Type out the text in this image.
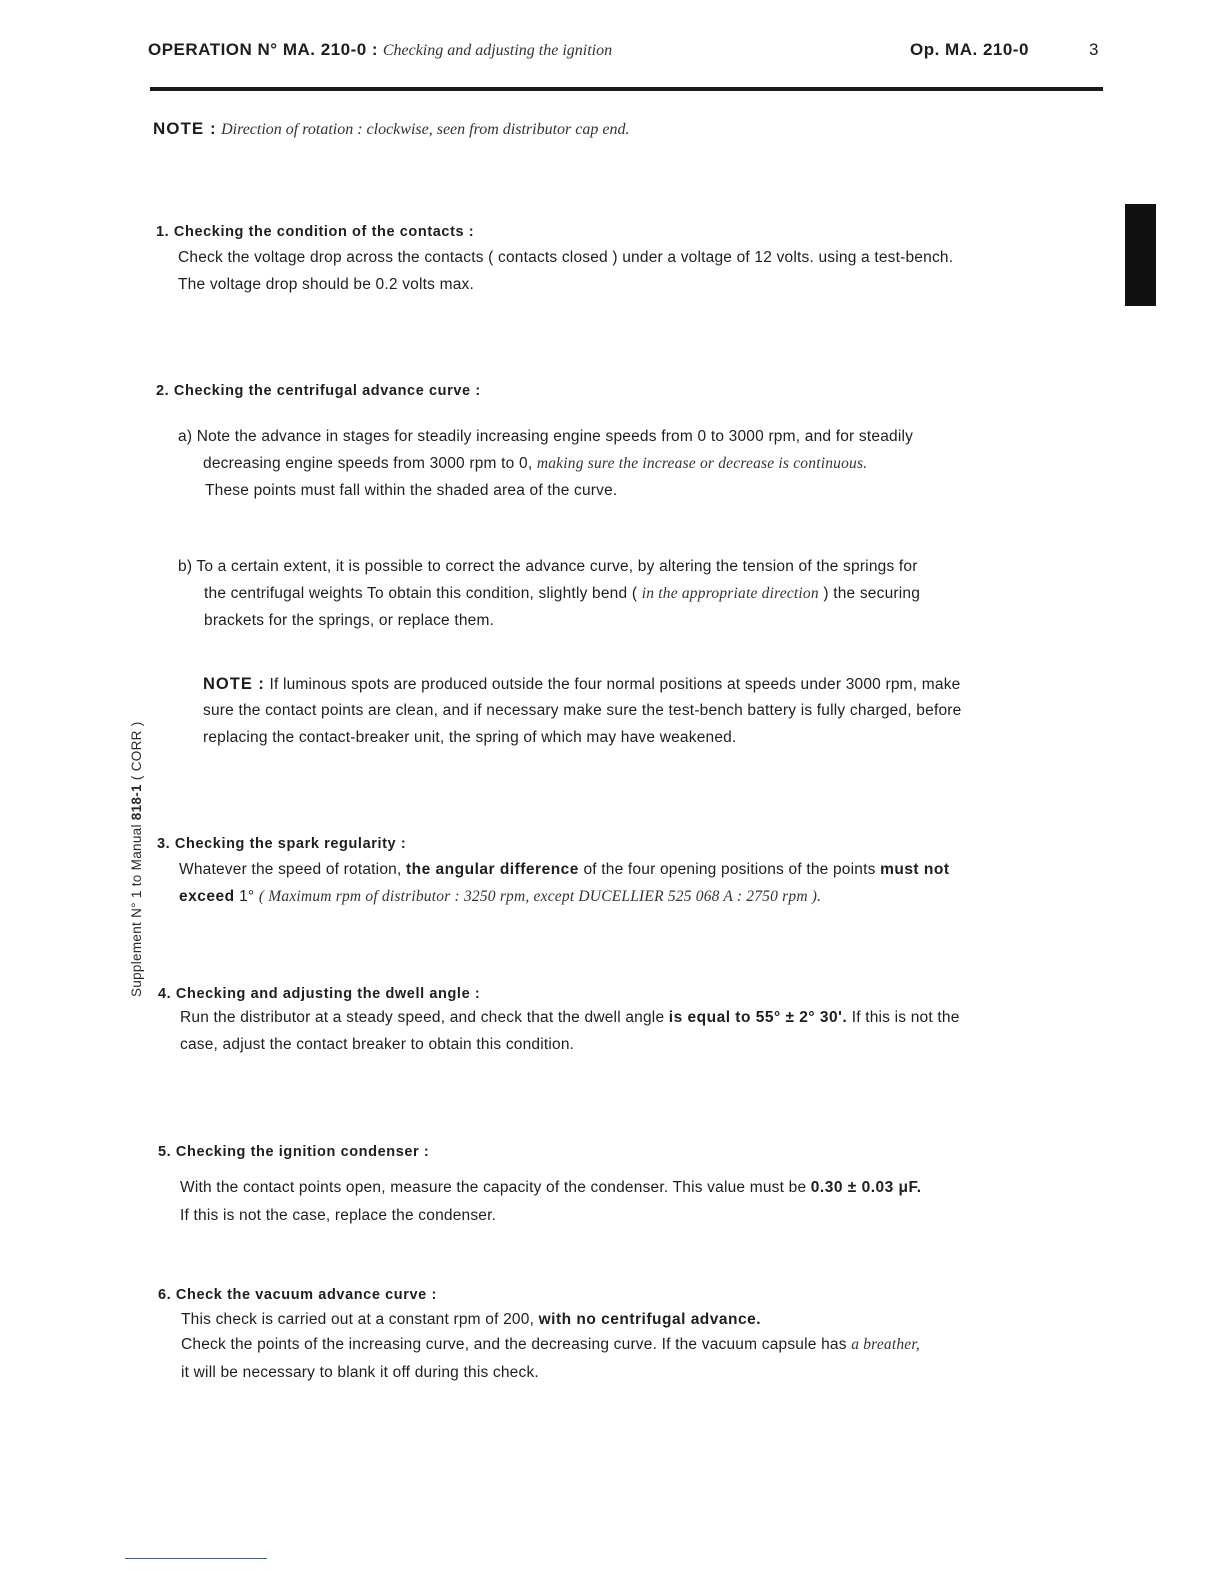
OPERATION N° MA. 210-0 : Checking and adjusting the ignition	Op. MA. 210-0	3
NOTE : Direction of rotation : clockwise, seen from distributor cap end.
Supplement N° 1 to Manual 818-1 ( CORR )
1. Checking the condition of the contacts :
Check the voltage drop across the contacts ( contacts closed ) under a voltage of 12 volts. using a test-bench.
The voltage drop should be 0.2 volts max.
2. Checking the centrifugal advance curve :
a) Note the advance in stages for steadily increasing engine speeds from 0 to 3000 rpm, and for steadily
decreasing engine speeds from 3000 rpm to 0, making sure the increase or decrease is continuous.
These points must fall within the shaded area of the curve.
b) To a certain extent, it is possible to correct the advance curve, by altering the tension of the springs for
the centrifugal weights To obtain this condition, slightly bend ( in the appropriate direction ) the securing
brackets for the springs, or replace them.
NOTE : If luminous spots are produced outside the four normal positions at speeds under 3000 rpm, make
sure the contact points are clean, and if necessary make sure the test-bench battery is fully charged, before
replacing the contact-breaker unit, the spring of which may have weakened.
3. Checking the spark regularity :
Whatever the speed of rotation, the angular difference of the four opening positions of the points must not
exceed 1° ( Maximum rpm of distributor : 3250 rpm, except DUCELLIER 525 068 A : 2750 rpm ).
4. Checking and adjusting the dwell angle :
Run the distributor at a steady speed, and check that the dwell angle is equal to 55° ± 2° 30'. If this is not the
case, adjust the contact breaker to obtain this condition.
5. Checking the ignition condenser :
With the contact points open, measure the capacity of the condenser. This value must be 0.30 ± 0.03 μF.
If this is not the case, replace the condenser.
6. Check the vacuum advance curve :
This check is carried out at a constant rpm of 200, with no centrifugal advance.
Check the points of the increasing curve, and the decreasing curve. If the vacuum capsule has a breather,
it will be necessary to blank it off during this check.
